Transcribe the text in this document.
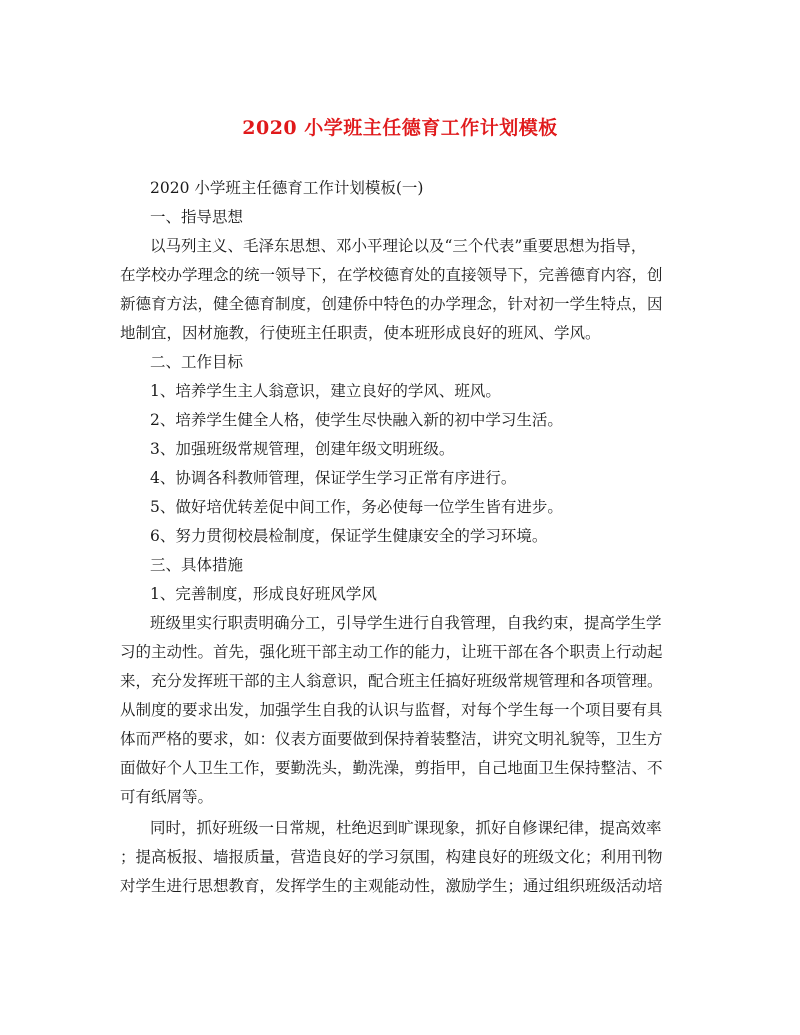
2020 小学班主任德育工作计划模板
2020 小学班主任德育工作计划模板(一)
一、指导思想
以马列主义、毛泽东思想、邓小平理论以及“三个代表”重要思想为指导，
在学校办学理念的统一领导下，在学校德育处的直接领导下，完善德育内容，创
新德育方法，健全德育制度，创建侨中特色的办学理念，针对初一学生特点，因
地制宜，因材施教，行使班主任职责，使本班形成良好的班风、学风。
二、工作目标
1、培养学生主人翁意识，建立良好的学风、班风。
2、培养学生健全人格，使学生尽快融入新的初中学习生活。
3、加强班级常规管理，创建年级文明班级。
4、协调各科教师管理，保证学生学习正常有序进行。
5、做好培优转差促中间工作，务必使每一位学生皆有进步。
6、努力贯彻校晨检制度，保证学生健康安全的学习环境。
三、具体措施
1、完善制度，形成良好班风学风
班级里实行职责明确分工，引导学生进行自我管理，自我约束，提高学生学
习的主动性。首先，强化班干部主动工作的能力，让班干部在各个职责上行动起
来，充分发挥班干部的主人翁意识，配合班主任搞好班级常规管理和各项管理。
从制度的要求出发，加强学生自我的认识与监督，对每个学生每一个项目要有具
体而严格的要求，如：仪表方面要做到保持着装整洁，讲究文明礼貌等，卫生方
面做好个人卫生工作，要勤洗头，勤洗澡，剪指甲，自己地面卫生保持整洁、不
可有纸屑等。
同时，抓好班级一日常规，杜绝迟到旷课现象，抓好自修课纪律，提高效率
；提高板报、墙报质量，营造良好的学习氛围，构建良好的班级文化；利用刊物
对学生进行思想教育，发挥学生的主观能动性，激励学生；通过组织班级活动培
